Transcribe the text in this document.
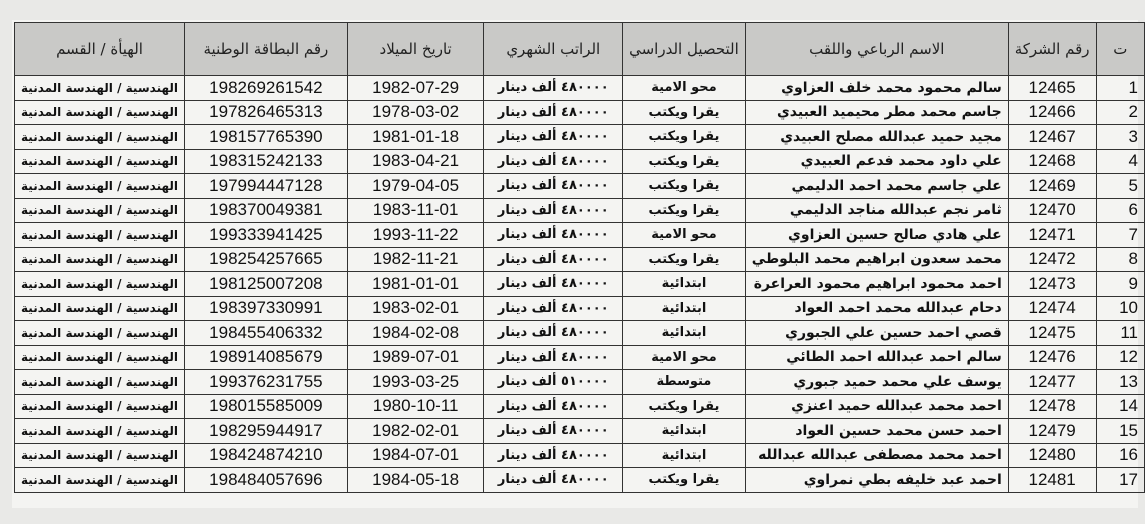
ت	رقم الشركة	الاسم الرباعي واللقب	التحصيل الدراسي	الراتب الشهري	تاريخ الميلاد	رقم البطاقة الوطنية	الهيأة / القسم
1	12465	سالم محمود محمد خلف العزاوي	محو الامية	٤٨٠٠٠٠ ألف دينار	1982-07-29	198269261542	الهندسية / الهندسة المدنية
2	12466	جاسم محمد مطر محيميد العبيدي	يقرا ويكتب	٤٨٠٠٠٠ ألف دينار	1978-03-02	197826465313	الهندسية / الهندسة المدنية
3	12467	مجيد حميد عبدالله مصلح العبيدي	يقرا ويكتب	٤٨٠٠٠٠ ألف دينار	1981-01-18	198157765390	الهندسية / الهندسة المدنية
4	12468	علي داود محمد فدعم العبيدي	يقرا ويكتب	٤٨٠٠٠٠ ألف دينار	1983-04-21	198315242133	الهندسية / الهندسة المدنية
5	12469	علي جاسم محمد احمد الدليمي	يقرا ويكتب	٤٨٠٠٠٠ ألف دينار	1979-04-05	197994447128	الهندسية / الهندسة المدنية
6	12470	ثامر نجم عبدالله مناجد الدليمي	يقرا ويكتب	٤٨٠٠٠٠ ألف دينار	1983-11-01	198370049381	الهندسية / الهندسة المدنية
7	12471	علي هادي صالح حسين العزاوي	محو الامية	٤٨٠٠٠٠ ألف دينار	1993-11-22	199333941425	الهندسية / الهندسة المدنية
8	12472	محمد سعدون ابراهيم محمد البلوطي	يقرا ويكتب	٤٨٠٠٠٠ ألف دينار	1982-11-21	198254257665	الهندسية / الهندسة المدنية
9	12473	احمد محمود ابراهيم محمود العراعرة	ابتدائية	٤٨٠٠٠٠ ألف دينار	1981-01-01	198125007208	الهندسية / الهندسة المدنية
10	12474	دحام عبدالله محمد احمد العواد	ابتدائية	٤٨٠٠٠٠ ألف دينار	1983-02-01	198397330991	الهندسية / الهندسة المدنية
11	12475	قصي احمد حسين علي الجبوري	ابتدائية	٤٨٠٠٠٠ ألف دينار	1984-02-08	198455406332	الهندسية / الهندسة المدنية
12	12476	سالم احمد عبدالله احمد الطائي	محو الامية	٤٨٠٠٠٠ ألف دينار	1989-07-01	198914085679	الهندسية / الهندسة المدنية
13	12477	يوسف علي محمد حميد جبوري	متوسطة	٥١٠٠٠٠ ألف دينار	1993-03-25	199376231755	الهندسية / الهندسة المدنية
14	12478	احمد محمد عبدالله حميد اعنزي	يقرا ويكتب	٤٨٠٠٠٠ ألف دينار	1980-10-11	198015585009	الهندسية / الهندسة المدنية
15	12479	احمد حسن محمد حسين العواد	ابتدائية	٤٨٠٠٠٠ ألف دينار	1982-02-01	198295944917	الهندسية / الهندسة المدنية
16	12480	احمد محمد مصطفى عبدالله عبدالله	ابتدائية	٤٨٠٠٠٠ ألف دينار	1984-07-01	198424874210	الهندسية / الهندسة المدنية
17	12481	احمد عبد خليفه بطي نمراوي	يقرا ويكتب	٤٨٠٠٠٠ ألف دينار	1984-05-18	198484057696	الهندسية / الهندسة المدنية
